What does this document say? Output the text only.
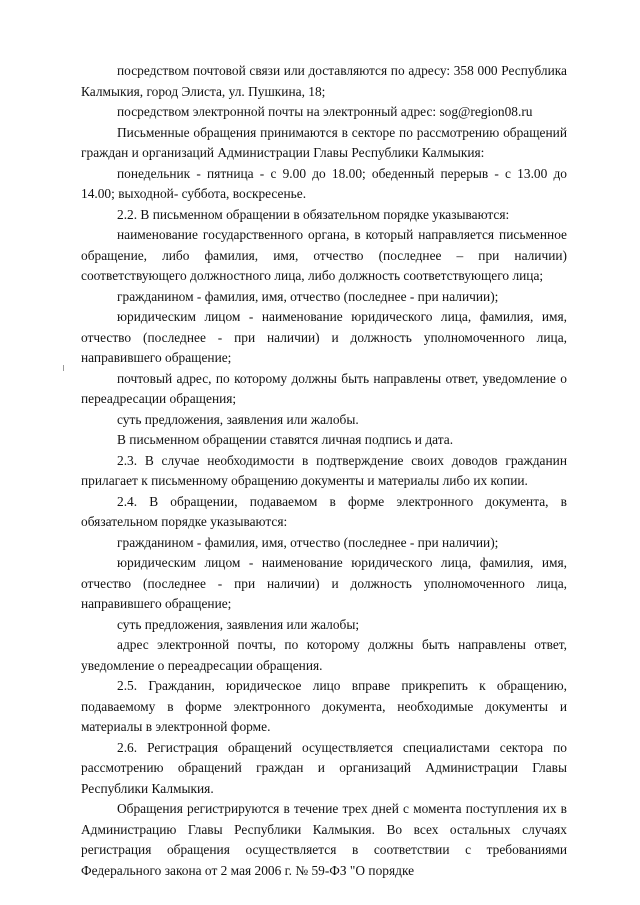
посредством почтовой связи или доставляются по адресу: 358 000 Республика Калмыкия, город Элиста, ул. Пушкина, 18;

посредством электронной почты на электронный адрес: sog@region08.ru

Письменные обращения принимаются в секторе по рассмотрению обращений граждан и организаций Администрации Главы Республики Калмыкия:

понедельник - пятница - с 9.00 до 18.00; обеденный перерыв - с 13.00 до 14.00; выходной- суббота, воскресенье.

2.2. В письменном обращении в обязательном порядке указываются:

наименование государственного органа, в который направляется письменное обращение, либо фамилия, имя, отчество (последнее – при наличии) соответствующего должностного лица, либо должность соответствующего лица;

гражданином - фамилия, имя, отчество (последнее - при наличии);

юридическим лицом - наименование юридического лица, фамилия, имя, отчество (последнее - при наличии) и должность уполномоченного лица, направившего обращение;

почтовый адрес, по которому должны быть направлены ответ, уведомление о переадресации обращения;

суть предложения, заявления или жалобы.

В письменном обращении ставятся личная подпись и дата.

2.3. В случае необходимости в подтверждение своих доводов гражданин прилагает к письменному обращению документы и материалы либо их копии.

2.4. В обращении, подаваемом в форме электронного документа, в обязательном порядке указываются:

гражданином - фамилия, имя, отчество (последнее - при наличии);

юридическим лицом - наименование юридического лица, фамилия, имя, отчество (последнее - при наличии) и должность уполномоченного лица, направившего обращение;

суть предложения, заявления или жалобы;

адрес электронной почты, по которому должны быть направлены ответ, уведомление о переадресации обращения.

2.5. Гражданин, юридическое лицо вправе прикрепить к обращению, подаваемому в форме электронного документа, необходимые документы и материалы в электронной форме.

2.6. Регистрация обращений осуществляется специалистами сектора по рассмотрению обращений граждан и организаций Администрации Главы Республики Калмыкия.

Обращения регистрируются в течение трех дней с момента поступления их в Администрацию Главы Республики Калмыкия. Во всех остальных случаях регистрация обращения осуществляется в соответствии с требованиями Федерального закона от 2 мая 2006 г. № 59-ФЗ "О порядке
